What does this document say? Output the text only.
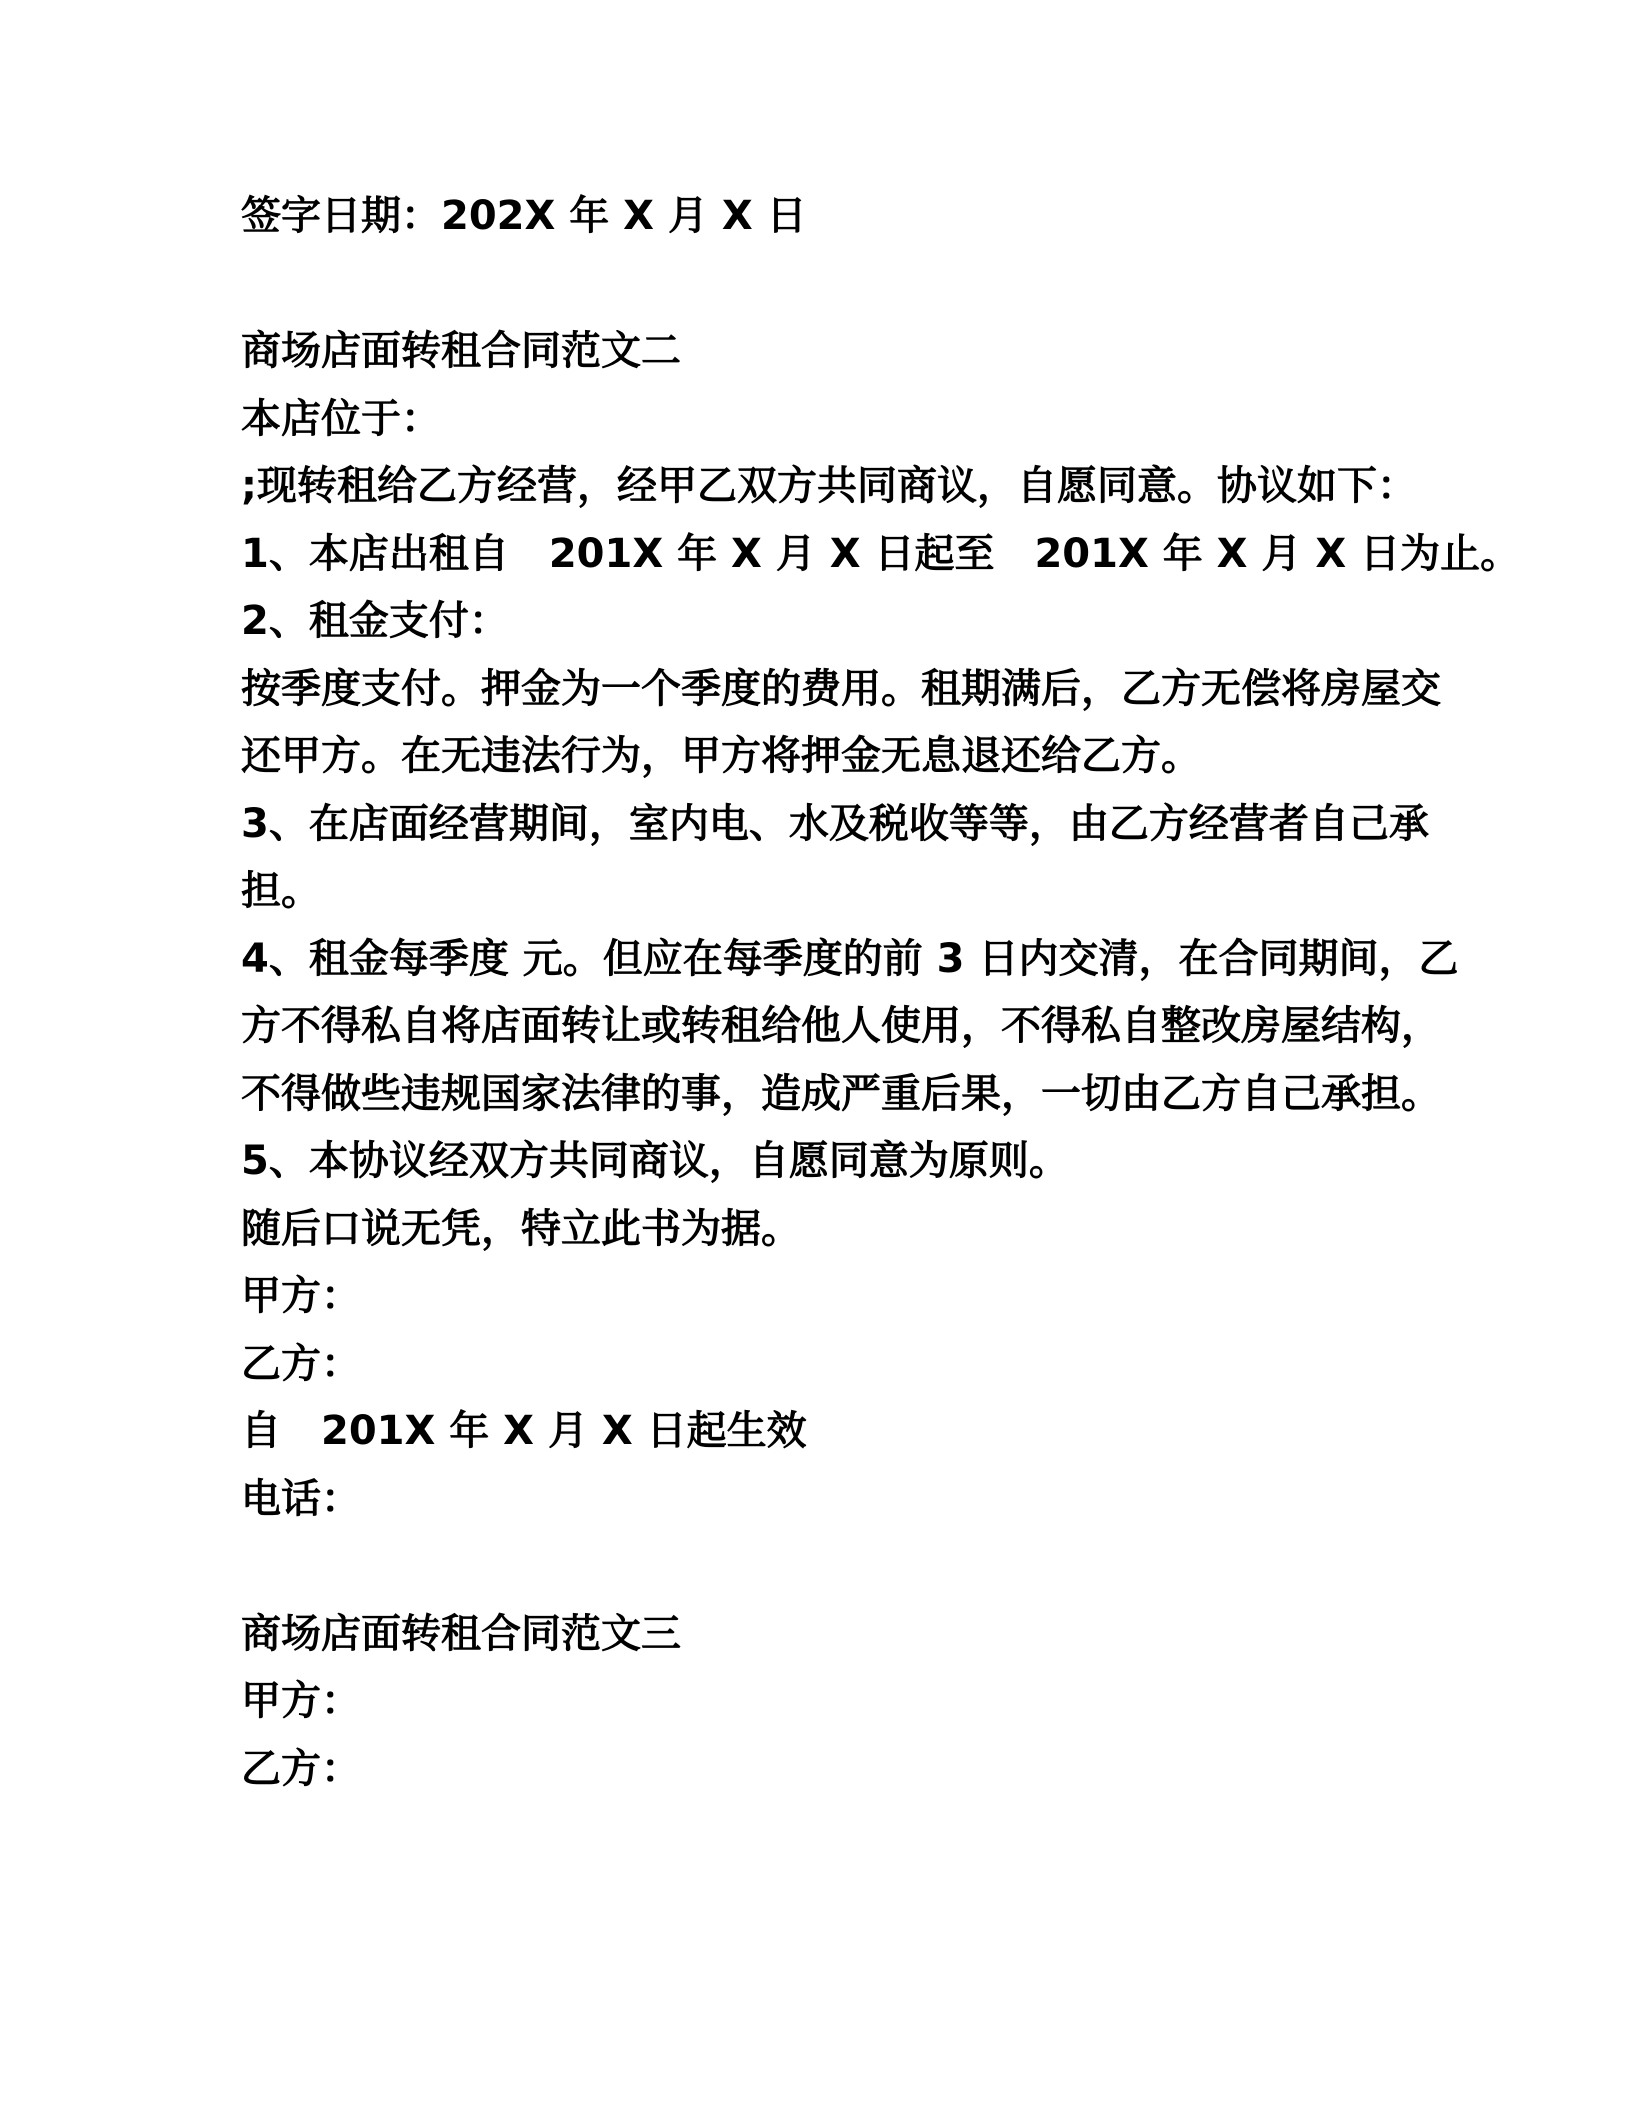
签字日期：202X 年 X 月 X 日

商场店面转租合同范文二
本店位于：
;现转租给乙方经营，经甲乙双方共同商议，自愿同意。协议如下：
1、本店出租自　201X 年 X 月 X 日起至　201X 年 X 月 X 日为止。
2、租金支付：
按季度支付。押金为一个季度的费用。租期满后，乙方无偿将房屋交
还甲方。在无违法行为，甲方将押金无息退还给乙方。
3、在店面经营期间，室内电、水及税收等等，由乙方经营者自己承
担。
4、租金每季度 元。但应在每季度的前 3 日内交清，在合同期间，乙
方不得私自将店面转让或转租给他人使用，不得私自整改房屋结构，
不得做些违规国家法律的事，造成严重后果，一切由乙方自己承担。
5、本协议经双方共同商议，自愿同意为原则。
随后口说无凭，特立此书为据。
甲方：
乙方：
自　201X 年 X 月 X 日起生效
电话：

商场店面转租合同范文三
甲方：
乙方：
